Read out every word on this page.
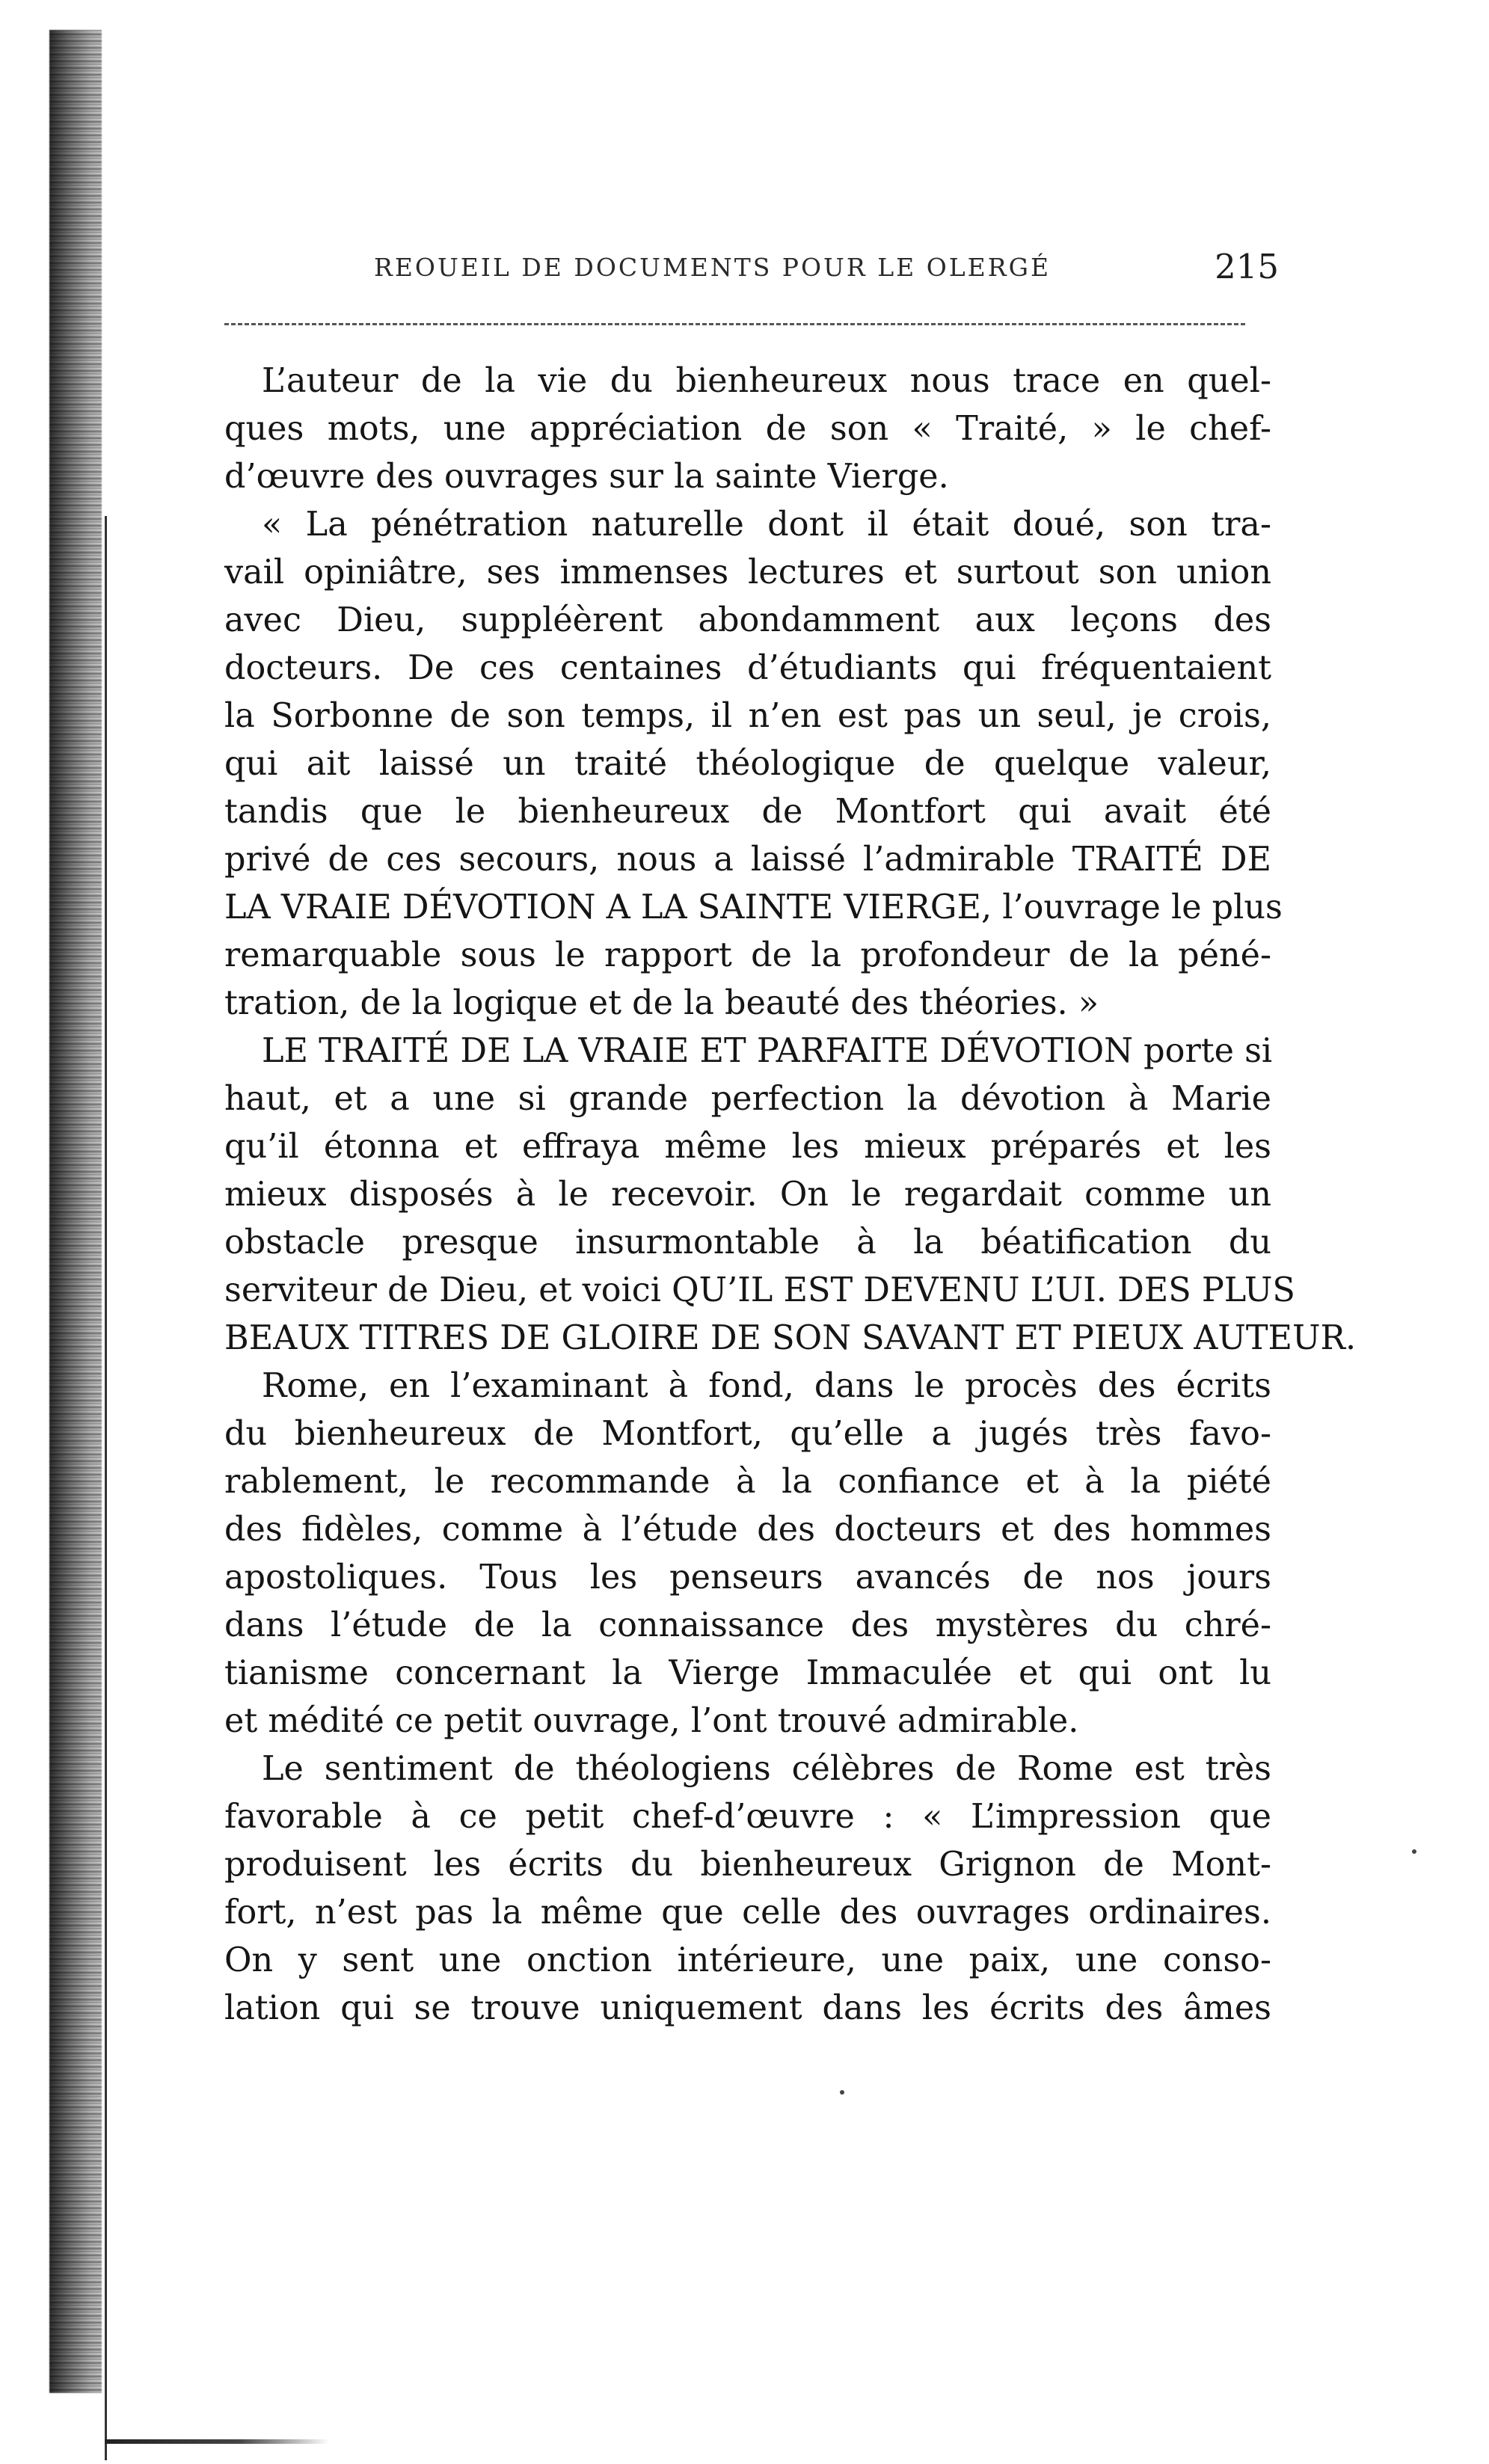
REOUEIL DE DOCUMENTS POUR LE OLERGÉ	215
L’auteur de la vie du bienheureux nous trace en quel-
ques mots, une appréciation de son « Traité, » le chef-
d’œuvre des ouvrages sur la sainte Vierge.
« La pénétration naturelle dont il était doué, son tra-
vail opiniâtre, ses immenses lectures et surtout son union
avec Dieu, suppléèrent abondamment aux leçons des
docteurs. De ces centaines d’étudiants qui fréquentaient
la Sorbonne de son temps, il n’en est pas un seul, je crois,
qui ait laissé un traité théologique de quelque valeur,
tandis que le bienheureux de Montfort qui avait été
privé de ces secours, nous a laissé l’admirable TRAITÉ DE
LA VRAIE DÉVOTION A LA SAINTE VIERGE, l’ouvrage le plus
remarquable sous le rapport de la profondeur de la péné-
tration, de la logique et de la beauté des théories. »
LE TRAITÉ DE LA VRAIE ET PARFAITE DÉVOTION porte si
haut, et a une si grande perfection la dévotion à Marie
qu’il étonna et effraya même les mieux préparés et les
mieux disposés à le recevoir. On le regardait comme un
obstacle presque insurmontable à la béatification du
serviteur de Dieu, et voici QU’IL EST DEVENU L’UI. DES PLUS
BEAUX TITRES DE GLOIRE DE SON SAVANT ET PIEUX AUTEUR.
Rome, en l’examinant à fond, dans le procès des écrits
du bienheureux de Montfort, qu’elle a jugés très favo-
rablement, le recommande à la confiance et à la piété
des fidèles, comme à l’étude des docteurs et des hommes
apostoliques. Tous les penseurs avancés de nos jours
dans l’étude de la connaissance des mystères du chré-
tianisme concernant la Vierge Immaculée et qui ont lu
et médité ce petit ouvrage, l’ont trouvé admirable.
Le sentiment de théologiens célèbres de Rome est très
favorable à ce petit chef-d’œuvre : « L’impression que
produisent les écrits du bienheureux Grignon de Mont-
fort, n’est pas la même que celle des ouvrages ordinaires.
On y sent une onction intérieure, une paix, une conso-
lation qui se trouve uniquement dans les écrits des âmes
